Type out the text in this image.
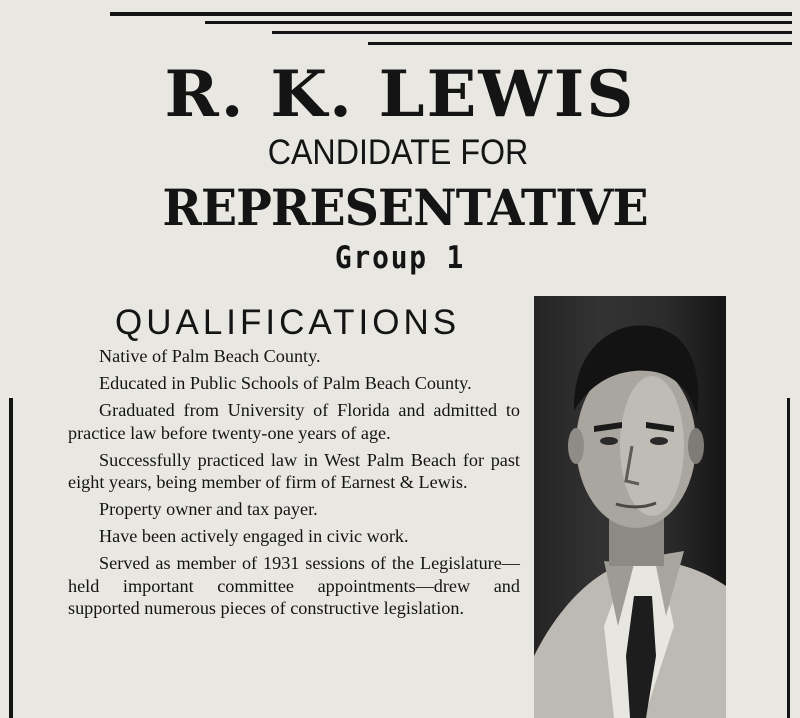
R. K. LEWIS
CANDIDATE FOR
REPRESENTATIVE
Group 1
QUALIFICATIONS
Native of Palm Beach County.
Educated in Public Schools of Palm Beach County.
Graduated from University of Florida and admitted to practice law before twenty-one years of age.
Successfully practiced law in West Palm Beach for past eight years, being member of firm of Earnest & Lewis.
Property owner and tax payer.
Have been actively engaged in civic work.
Served as member of 1931 sessions of the Legislature—held important committee appointments—drew and supported numerous pieces of constructive legislation.
